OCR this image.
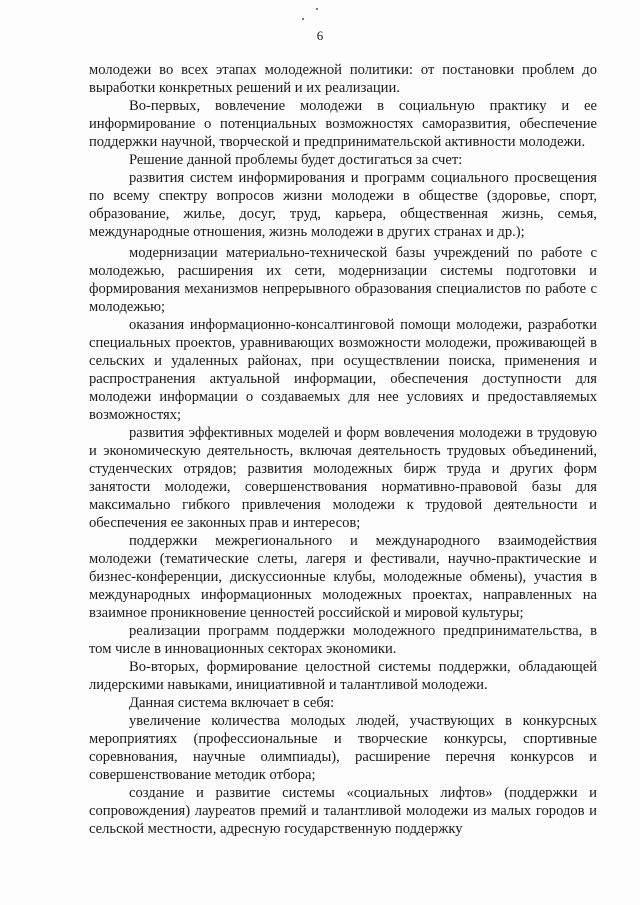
6

молодежи во всех этапах молодежной политики: от постановки проблем до выработки конкретных решений и их реализации.

Во-первых, вовлечение молодежи в социальную практику и ее информирование о потенциальных возможностях саморазвития, обеспечение поддержки научной, творческой и предпринимательской активности молодежи.

Решение данной проблемы будет достигаться за счет:

развития систем информирования и программ социального просвещения по всему спектру вопросов жизни молодежи в обществе (здоровье, спорт, образование, жилье, досуг, труд, карьера, общественная жизнь, семья, международные отношения, жизнь молодежи в других странах и др.);

модернизации материально-технической базы учреждений по работе с молодежью, расширения их сети, модернизации системы подготовки и формирования механизмов непрерывного образования специалистов по работе с молодежью;

оказания информационно-консалтинговой помощи молодежи, разработки специальных проектов, уравнивающих возможности молодежи, проживающей в сельских и удаленных районах, при осуществлении поиска, применения и распространения актуальной информации, обеспечения доступности для молодежи информации о создаваемых для нее условиях и предоставляемых возможностях;

развития эффективных моделей и форм вовлечения молодежи в трудовую и экономическую деятельность, включая деятельность трудовых объединений, студенческих отрядов; развития молодежных бирж труда и других форм занятости молодежи, совершенствования нормативно-правовой базы для максимально гибкого привлечения молодежи к трудовой деятельности и обеспечения ее законных прав и интересов;

поддержки межрегионального и международного взаимодействия молодежи (тематические слеты, лагеря и фестивали, научно-практические и бизнес-конференции, дискуссионные клубы, молодежные обмены), участия в международных информационных молодежных проектах, направленных на взаимное проникновение ценностей российской и мировой культуры;

реализации программ поддержки молодежного предпринимательства, в том числе в инновационных секторах экономики.

Во-вторых, формирование целостной системы поддержки, обладающей лидерскими навыками, инициативной и талантливой молодежи.

Данная система включает в себя:

увеличение количества молодых людей, участвующих в конкурсных мероприятиях (профессиональные и творческие конкурсы, спортивные соревнования, научные олимпиады), расширение перечня конкурсов и совершенствование методик отбора;

создание и развитие системы «социальных лифтов» (поддержки и сопровождения) лауреатов премий и талантливой молодежи из малых городов и сельской местности, адресную государственную поддержку
